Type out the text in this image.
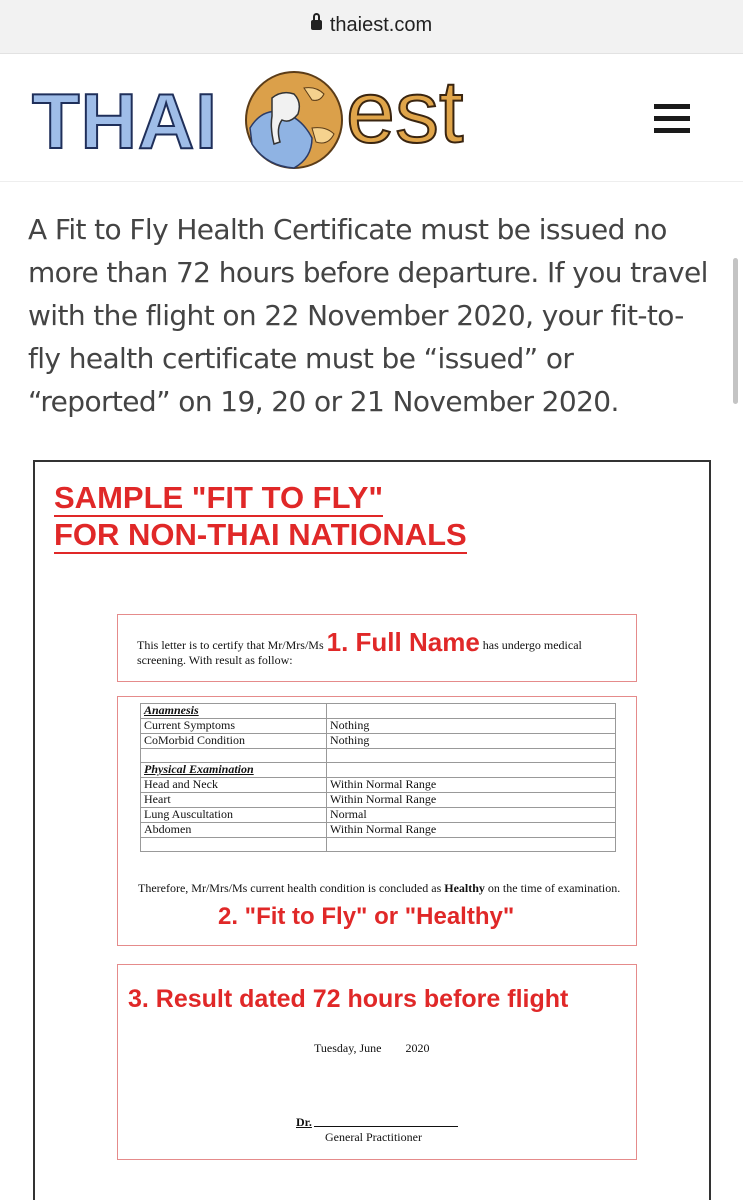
thaiest.com
THAI est

A Fit to Fly Health Certificate must be issued no more than 72 hours before departure. If you travel with the flight on 22 November 2020, your fit-to-fly health certificate must be “issued” or “reported” on 19, 20 or 21 November 2020.

SAMPLE "FIT TO FLY"
FOR NON-THAI NATIONALS
This letter is to certify that Mr/Mrs/Ms 1. Full Name has undergo medical screening. With result as follow:
Anamnesis	
Current Symptoms	Nothing
CoMorbid Condition	Nothing

Physical Examination	
Head and Neck	Within Normal Range
Heart	Within Normal Range
Lung Auscultation	Normal
Abdomen	Within Normal Range

Therefore, Mr/Mrs/Ms current health condition is concluded as Healthy on the time of examination.
2. "Fit to Fly" or "Healthy"
3. Result dated 72 hours before flight
Tuesday, June        2020
Dr.
General Practitioner
